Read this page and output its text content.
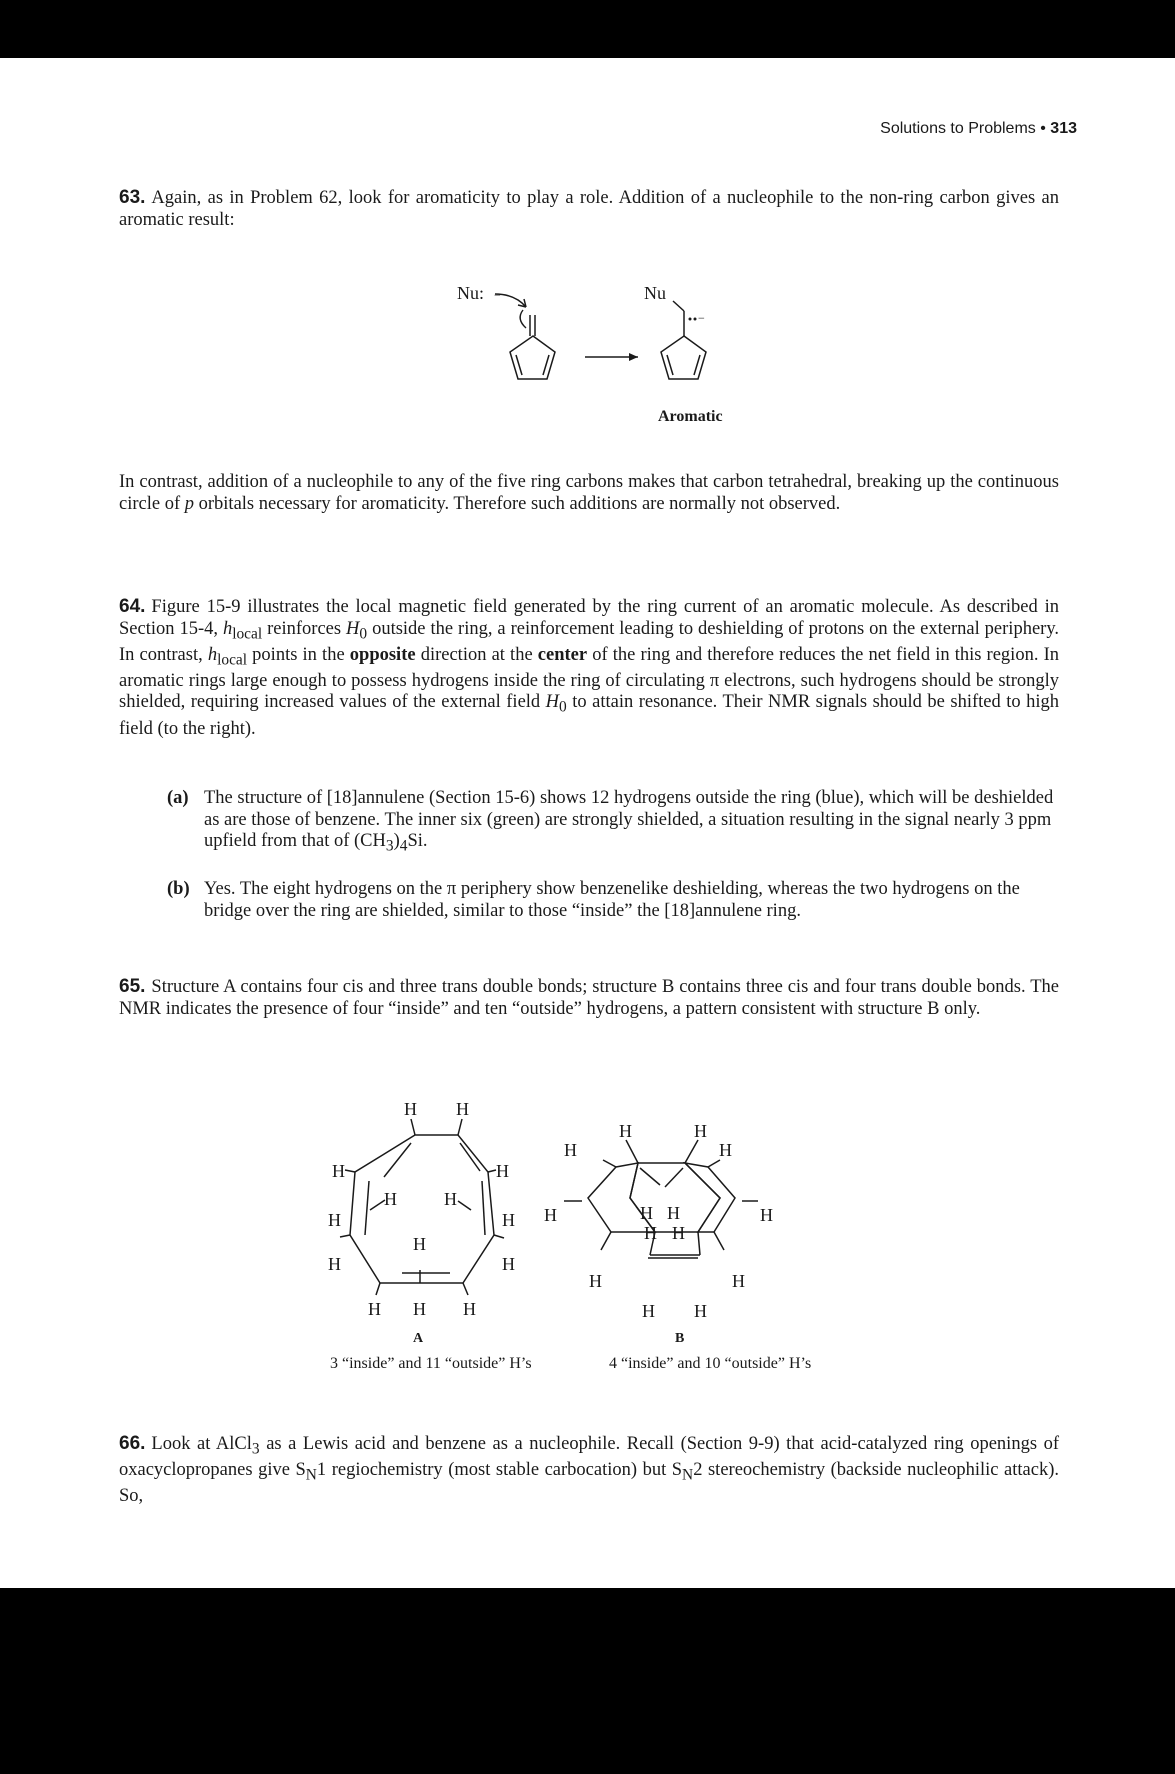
Solutions to Problems • 313
63. Again, as in Problem 62, look for aromaticity to play a role. Addition of a nucleophile to the non-ring carbon gives an aromatic result:
Nu: −	Nu
−
Aromatic
In contrast, addition of a nucleophile to any of the five ring carbons makes that carbon tetrahedral, breaking up the continuous circle of p orbitals necessary for aromaticity. Therefore such additions are normally not observed.
64. Figure 15-9 illustrates the local magnetic field generated by the ring current of an aromatic molecule. As described in Section 15-4, $h_{local}$ reinforces $H_0$ outside the ring, a reinforcement leading to deshielding of protons on the external periphery. In contrast, $h_{local}$ points in the opposite direction at the center of the ring and therefore reduces the net field in this region. In aromatic rings large enough to possess hydrogens inside the ring of circulating π electrons, such hydrogens should be strongly shielded, requiring increased values of the external field $H_0$ to attain resonance. Their NMR signals should be shifted to high field (to the right).
(a) The structure of [18]annulene (Section 15-6) shows 12 hydrogens outside the ring (blue), which will be deshielded as are those of benzene. The inner six (green) are strongly shielded, a situation resulting in the signal nearly 3 ppm upfield from that of $(CH_3)_4Si$.
(b) Yes. The eight hydrogens on the π periphery show benzenelike deshielding, whereas the two hydrogens on the bridge over the ring are shielded, similar to those “inside” the [18]annulene ring.
65. Structure A contains four cis and three trans double bonds; structure B contains three cis and four trans double bonds. The NMR indicates the presence of four “inside” and ten “outside” hydrogens, a pattern consistent with structure B only.
H H
H	H
H	H
H
H	H
H	H
H H H
A
3 “inside” and 11 “outside” H’s
H	H
H	H
H	H
H H
H H
H	H
H H
B
4 “inside” and 10 “outside” H’s
66. Look at AlCl$_3$ as a Lewis acid and benzene as a nucleophile. Recall (Section 9-9) that acid-catalyzed ring openings of oxacyclopropanes give $S_N1$ regiochemistry (most stable carbocation) but $S_N2$ stereochemistry (backside nucleophilic attack). So,
